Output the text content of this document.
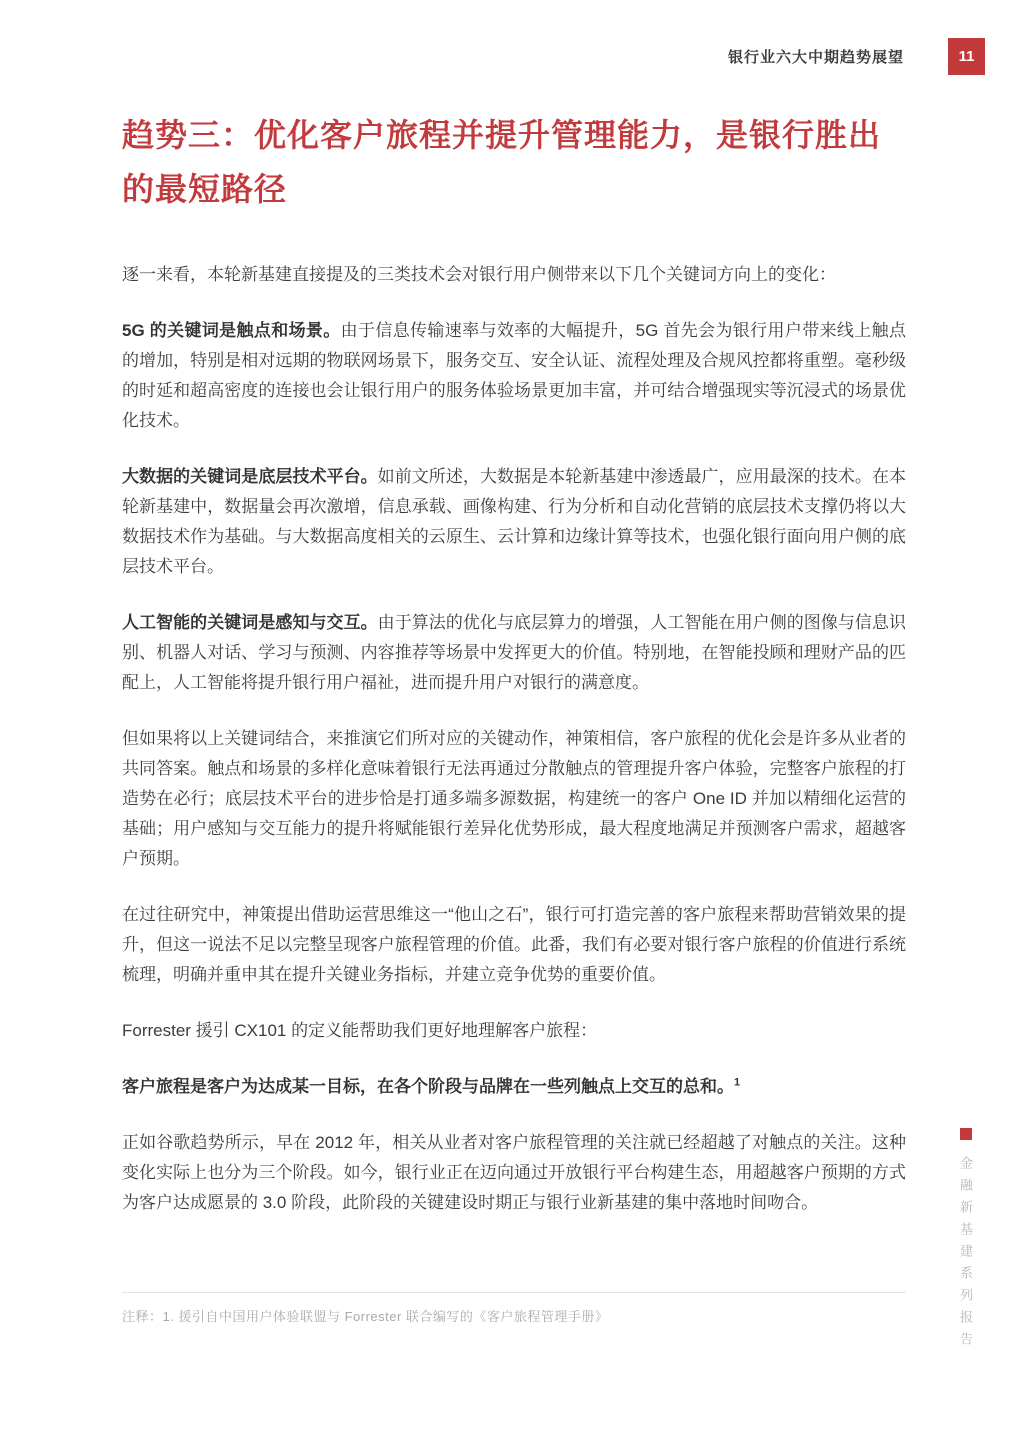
银行业六大中期趋势展望	11
趋势三：优化客户旅程并提升管理能力，是银行胜出的最短路径

逐一来看，本轮新基建直接提及的三类技术会对银行用户侧带来以下几个关键词方向上的变化：

5G 的关键词是触点和场景。由于信息传输速率与效率的大幅提升，5G 首先会为银行用户带来线上触点的增加，特别是相对远期的物联网场景下，服务交互、安全认证、流程处理及合规风控都将重塑。毫秒级的时延和超高密度的连接也会让银行用户的服务体验场景更加丰富，并可结合增强现实等沉浸式的场景优化技术。

大数据的关键词是底层技术平台。如前文所述，大数据是本轮新基建中渗透最广，应用最深的技术。在本轮新基建中，数据量会再次激增，信息承载、画像构建、行为分析和自动化营销的底层技术支撑仍将以大数据技术作为基础。与大数据高度相关的云原生、云计算和边缘计算等技术，也强化银行面向用户侧的底层技术平台。

人工智能的关键词是感知与交互。由于算法的优化与底层算力的增强，人工智能在用户侧的图像与信息识别、机器人对话、学习与预测、内容推荐等场景中发挥更大的价值。特别地，在智能投顾和理财产品的匹配上，人工智能将提升银行用户福祉，进而提升用户对银行的满意度。

但如果将以上关键词结合，来推演它们所对应的关键动作，神策相信，客户旅程的优化会是许多从业者的共同答案。触点和场景的多样化意味着银行无法再通过分散触点的管理提升客户体验，完整客户旅程的打造势在必行；底层技术平台的进步恰是打通多端多源数据，构建统一的客户 One ID 并加以精细化运营的基础；用户感知与交互能力的提升将赋能银行差异化优势形成，最大程度地满足并预测客户需求，超越客户预期。

在过往研究中，神策提出借助运营思维这一“他山之石”，银行可打造完善的客户旅程来帮助营销效果的提升，但这一说法不足以完整呈现客户旅程管理的价值。此番，我们有必要对银行客户旅程的价值进行系统梳理，明确并重申其在提升关键业务指标，并建立竞争优势的重要价值。

Forrester 援引 CX101 的定义能帮助我们更好地理解客户旅程：

客户旅程是客户为达成某一目标，在各个阶段与品牌在一些列触点上交互的总和。$^1$

正如谷歌趋势所示，早在 2012 年，相关从业者对客户旅程管理的关注就已经超越了对触点的关注。这种变化实际上也分为三个阶段。如今，银行业正在迈向通过开放银行平台构建生态，用超越客户预期的方式为客户达成愿景的 3.0 阶段，此阶段的关键建设时期正与银行业新基建的集中落地时间吻合。

注释：1. 援引自中国用户体验联盟与 Forrester 联合编写的《客户旅程管理手册》	金融新基建系列报告
